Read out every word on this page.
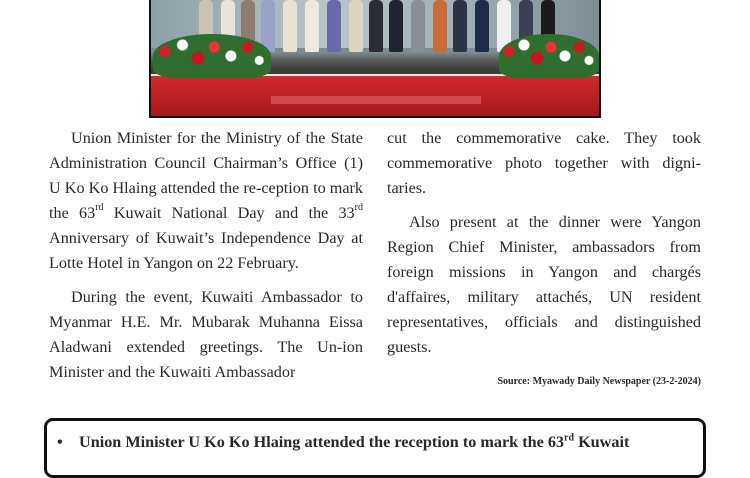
Union Minister for the Ministry of the State Administration Council Chairman’s Office (1) U Ko Ko Hlaing attended the re-ception to mark the 63rd Kuwait National Day and the 33rd Anniversary of Kuwait’s Independence Day at Lotte Hotel in Yangon on 22 February.

During the event, Kuwaiti Ambassador to Myanmar H.E. Mr. Mubarak Muhanna Eissa Aladwani extended greetings. The Un-ion Minister and the Kuwaiti Ambassador

cut the commemorative cake. They took commemorative photo together with digni-taries.

Also present at the dinner were Yangon Region Chief Minister, ambassadors from foreign missions in Yangon and chargés d'affaires, military attachés, UN resident representatives, officials and distinguished guests.

Source: Myawady Daily Newspaper (23-2-2024)
• Union Minister U Ko Ko Hlaing attended the reception to mark the 63rd Kuwait
